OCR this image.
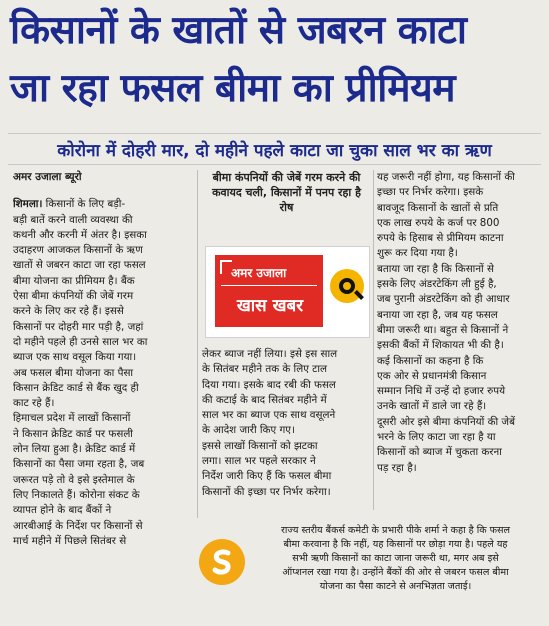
किसानों के खातों से जबरन काटा
जा रहा फसल बीमा का प्रीमियम
कोरोना में दोहरी मार, दो महीने पहले काटा जा चुका साल भर का ऋण
अमर उजाला ब्यूरो
शिमला। किसानों के लिए बड़ी-
बड़ी बातें करने वाली व्यवस्था की
कथनी और करनी में अंतर है। इसका
उदाहरण आजकल किसानों के ऋण
खातों से जबरन काटा जा रहा फसल
बीमा योजना का प्रीमियम है। बैंक
ऐसा बीमा कंपनियों की जेबें गरम
करने के लिए कर रहे हैं। इससे
किसानों पर दोहरी मार पड़ी है, जहां
दो महीने पहले ही उनसे साल भर का
ब्याज एक साथ वसूल किया गया।
अब फसल बीमा योजना का पैसा
किसान क्रेडिट कार्ड से बैंक खुद ही
काट रहे हैं।
हिमाचल प्रदेश में लाखों किसानों
ने किसान क्रेडिट कार्ड पर फसली
लोन लिया हुआ है। क्रेडिट कार्ड में
किसानों का पैसा जमा रहता है, जब
जरूरत पड़े तो वे इसे इस्तेमाल के
लिए निकालते हैं। कोरोना संकट के
व्यापत होने के बाद बैंकों ने
आरबीआई के निर्देश पर किसानों से
मार्च महीने में पिछले सितंबर से
बीमा कंपनियों की जेबें गरम करने की कवायद चली, किसानों में पनप रहा है रोष
अमर उजाला
खास खबर
लेकर ब्याज नहीं लिया। इसे इस साल
के सितंबर महीने तक के लिए टाल
दिया गया। इसके बाद रबी की फसल
की कटाई के बाद सितंबर महीने में
साल भर का ब्याज एक साथ वसूलने
के आदेश जारी किए गए।
इससे लाखों किसानों को झटका
लगा। साल भर पहले सरकार ने
निर्देश जारी किए हैं कि फसल बीमा
किसानों की इच्छा पर निर्भर करेगा।
यह जरूरी नहीं होगा, यह किसानों की
इच्छा पर निर्भर करेगा। इसके
बावजूद किसानों के खातों से प्रति
एक लाख रुपये के कर्ज पर 800
रुपये के हिसाब से प्रीमियम काटना
शुरू कर दिया गया है।
बताया जा रहा है कि किसानों से
इसके लिए अंडरटेकिंग ली हुई है,
जब पुरानी अंडरटेकिंग को ही आधार
बनाया जा रहा है, जब यह फसल
बीमा जरूरी था। बहुत से किसानों ने
इसकी बैंकों में शिकायत भी की है।
कई किसानों का कहना है कि
एक ओर से प्रधानमंत्री किसान
सम्मान निधि में उन्हें दो हजार रुपये
उनके खातों में डाले जा रहे हैं।
दूसरी ओर इसे बीमा कंपनियों की जेबें
भरने के लिए काटा जा रहा है या
किसानों को ब्याज में चुकता करना
पड़ रहा है।
राज्य स्तरीय बैंकर्स कमेटी के प्रभारी पीके शर्मा ने कहा है कि फसल
बीमा करवाना है कि नहीं, यह किसानों पर छोड़ा गया है। पहले यह
सभी ऋणी किसानों का काटा जाना जरूरी था, मगर अब इसे
ऑप्शनल रखा गया है। उन्होंने बैंकों की ओर से जबरन फसल बीमा
योजना का पैसा काटने से अनभिज्ञता जताई।
